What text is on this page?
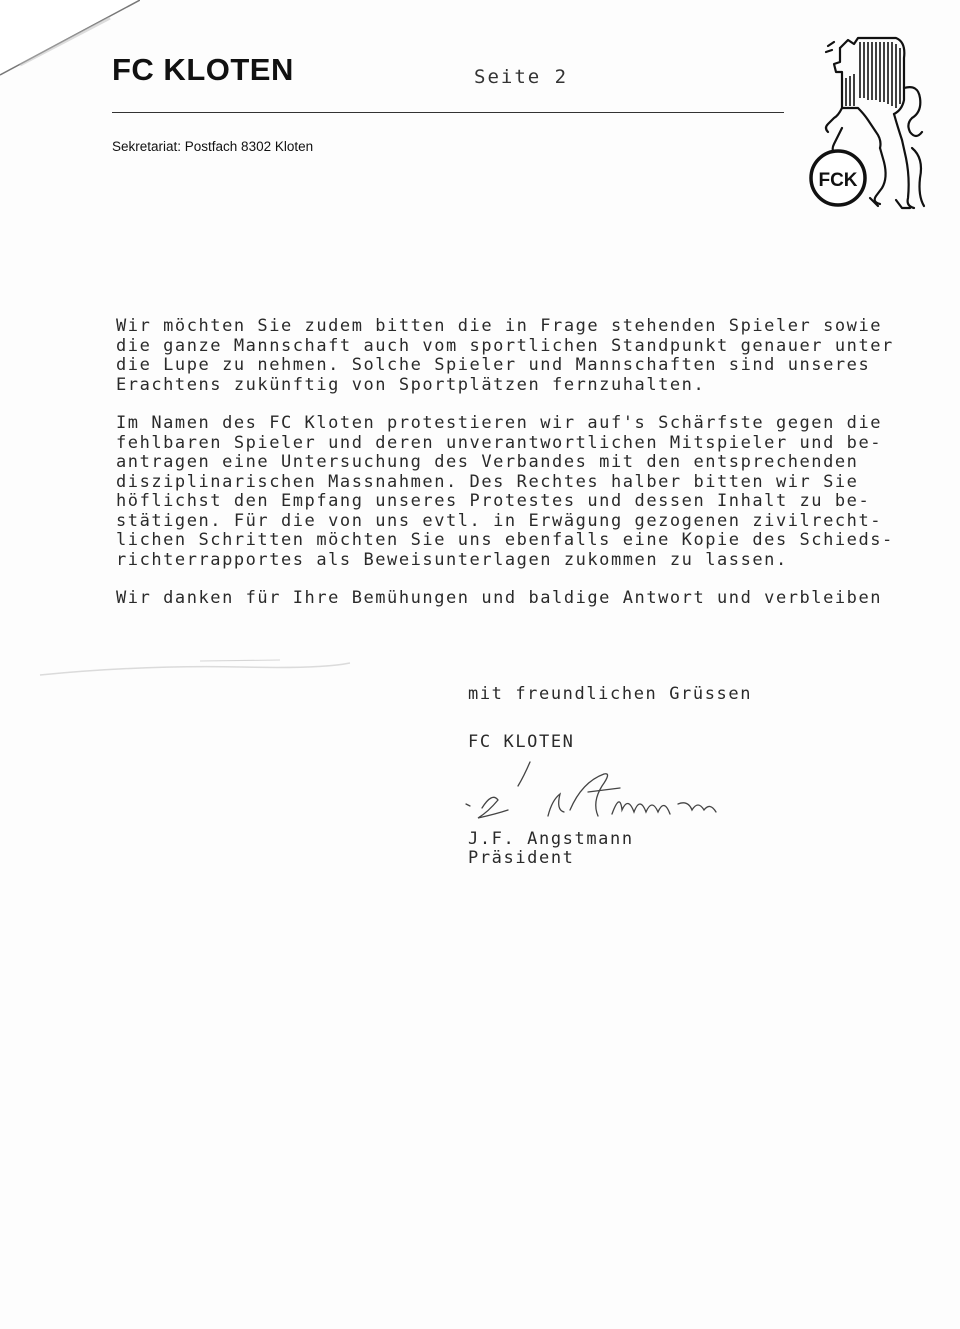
FC KLOTEN	Seite 2
Sekretariat: Postfach 8302 Kloten
FCK
Wir möchten Sie zudem bitten die in Frage stehenden Spieler sowie
die ganze Mannschaft auch vom sportlichen Standpunkt genauer unter
die Lupe zu nehmen. Solche Spieler und Mannschaften sind unseres
Erachtens zukünftig von Sportplätzen fernzuhalten.
Im Namen des FC Kloten protestieren wir auf's Schärfste gegen die
fehlbaren Spieler und deren unverantwortlichen Mitspieler und be-
antragen eine Untersuchung des Verbandes mit den entsprechenden
disziplinarischen Massnahmen. Des Rechtes halber bitten wir Sie
höflichst den Empfang unseres Protestes und dessen Inhalt zu be-
stätigen. Für die von uns evtl. in Erwägung gezogenen zivilrecht-
lichen Schritten möchten Sie uns ebenfalls eine Kopie des Schieds-
richterrapportes als Beweisunterlagen zukommen zu lassen.
Wir danken für Ihre Bemühungen und baldige Antwort und verbleiben
mit freundlichen Grüssen
FC KLOTEN
J.F. Angstmann
Präsident
